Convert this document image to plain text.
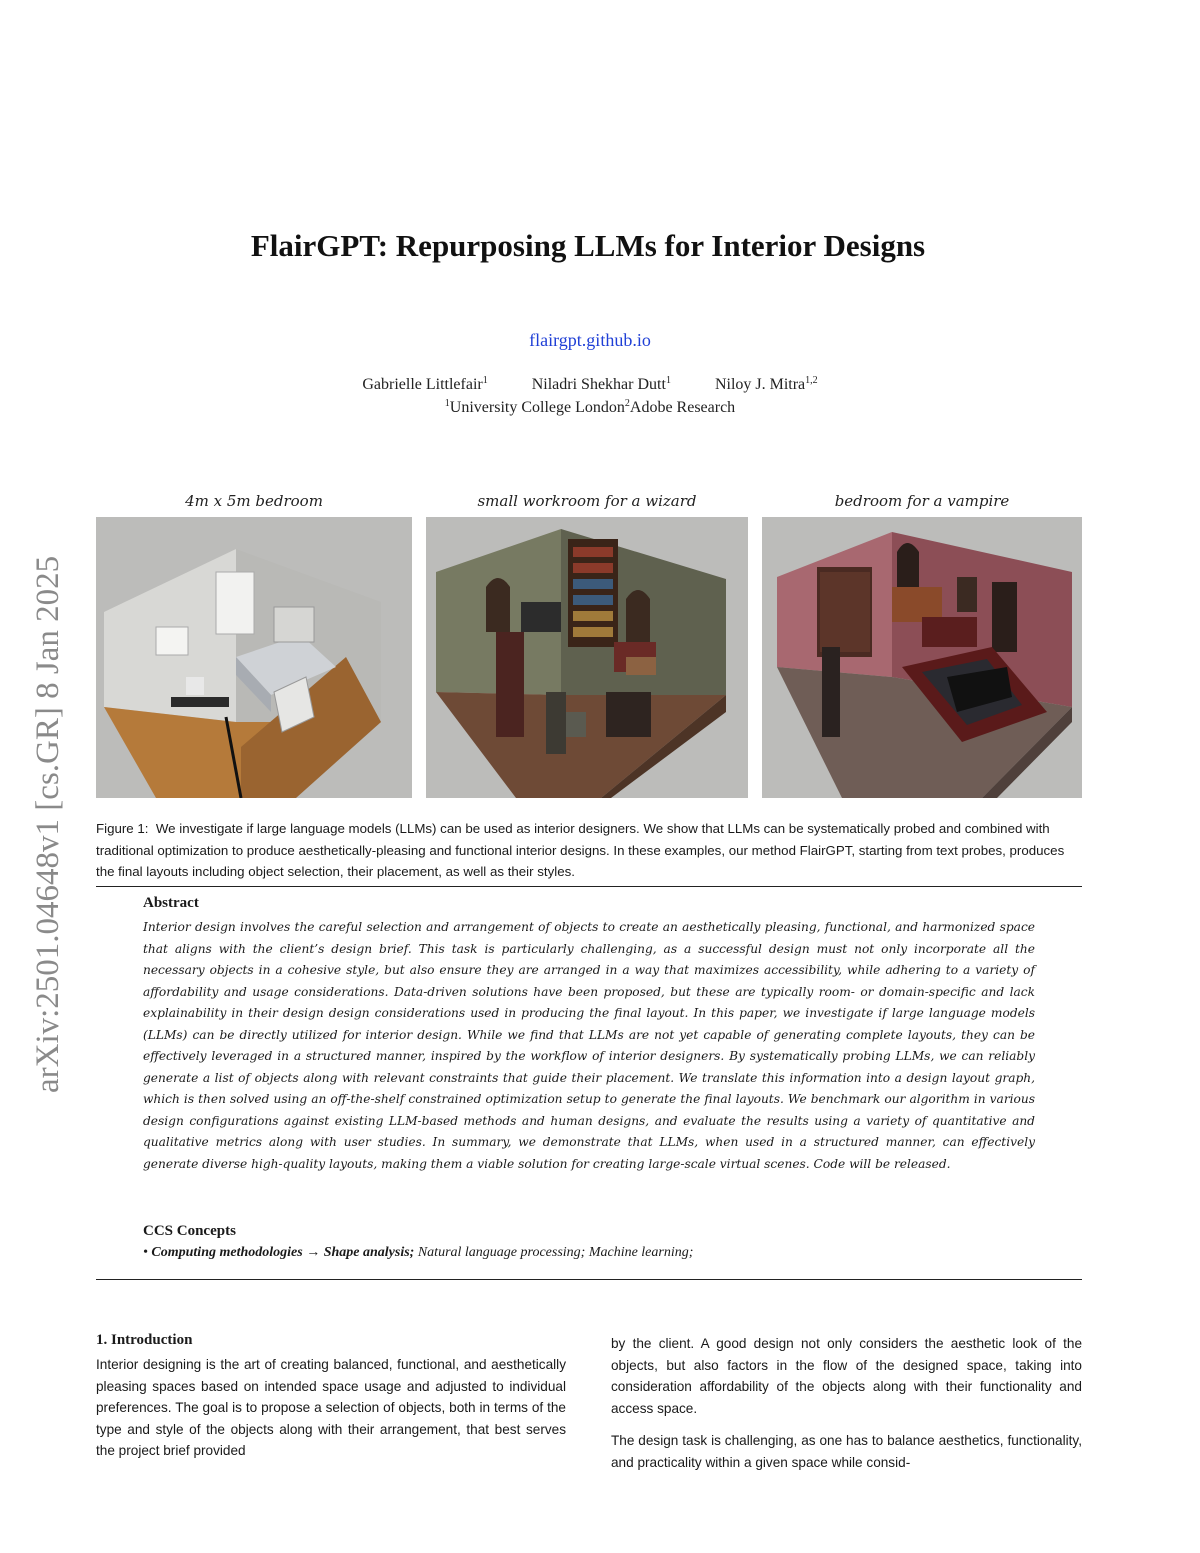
FlairGPT: Repurposing LLMs for Interior Designs
flairgpt.github.io
Gabrielle Littlefair$^1$	Niladri Shekhar Dutt$^1$	Niloy J. Mitra$^{1,2}$
$^1$University College London$^2$Adobe Research
arXiv:2501.04648v1 [cs.GR] 8 Jan 2025
4m x 5m bedroom	small workroom for a wizard	bedroom for a vampire
Figure 1: We investigate if large language models (LLMs) can be used as interior designers. We show that LLMs can be systematically probed and combined with traditional optimization to produce aesthetically-pleasing and functional interior designs. In these examples, our method FlairGPT, starting from text probes, produces the final layouts including object selection, their placement, as well as their styles.
Abstract
Interior design involves the careful selection and arrangement of objects to create an aesthetically pleasing, functional, and harmonized space that aligns with the client’s design brief. This task is particularly challenging, as a successful design must not only incorporate all the necessary objects in a cohesive style, but also ensure they are arranged in a way that maximizes accessibility, while adhering to a variety of affordability and usage considerations. Data-driven solutions have been proposed, but these are typically room- or domain-specific and lack explainability in their design design considerations used in producing the final layout. In this paper, we investigate if large language models (LLMs) can be directly utilized for interior design. While we find that LLMs are not yet capable of generating complete layouts, they can be effectively leveraged in a structured manner, inspired by the workflow of interior designers. By systematically probing LLMs, we can reliably generate a list of objects along with relevant constraints that guide their placement. We translate this information into a design layout graph, which is then solved using an off-the-shelf constrained optimization setup to generate the final layouts. We benchmark our algorithm in various design configurations against existing LLM-based methods and human designs, and evaluate the results using a variety of quantitative and qualitative metrics along with user studies. In summary, we demonstrate that LLMs, when used in a structured manner, can effectively generate diverse high-quality layouts, making them a viable solution for creating large-scale virtual scenes. Code will be released.
CCS Concepts
• Computing methodologies → Shape analysis; Natural language processing; Machine learning;
1. Introduction

Interior designing is the art of creating balanced, functional, and aesthetically pleasing spaces based on intended space usage and adjusted to individual preferences. The goal is to propose a selection of objects, both in terms of the type and style of the objects along with their arrangement, that best serves the project brief provided

by the client. A good design not only considers the aesthetic look of the objects, but also factors in the flow of the designed space, taking into consideration affordability of the objects along with their functionality and access space.

The design task is challenging, as one has to balance aesthetics, functionality, and practicality within a given space while consid-
